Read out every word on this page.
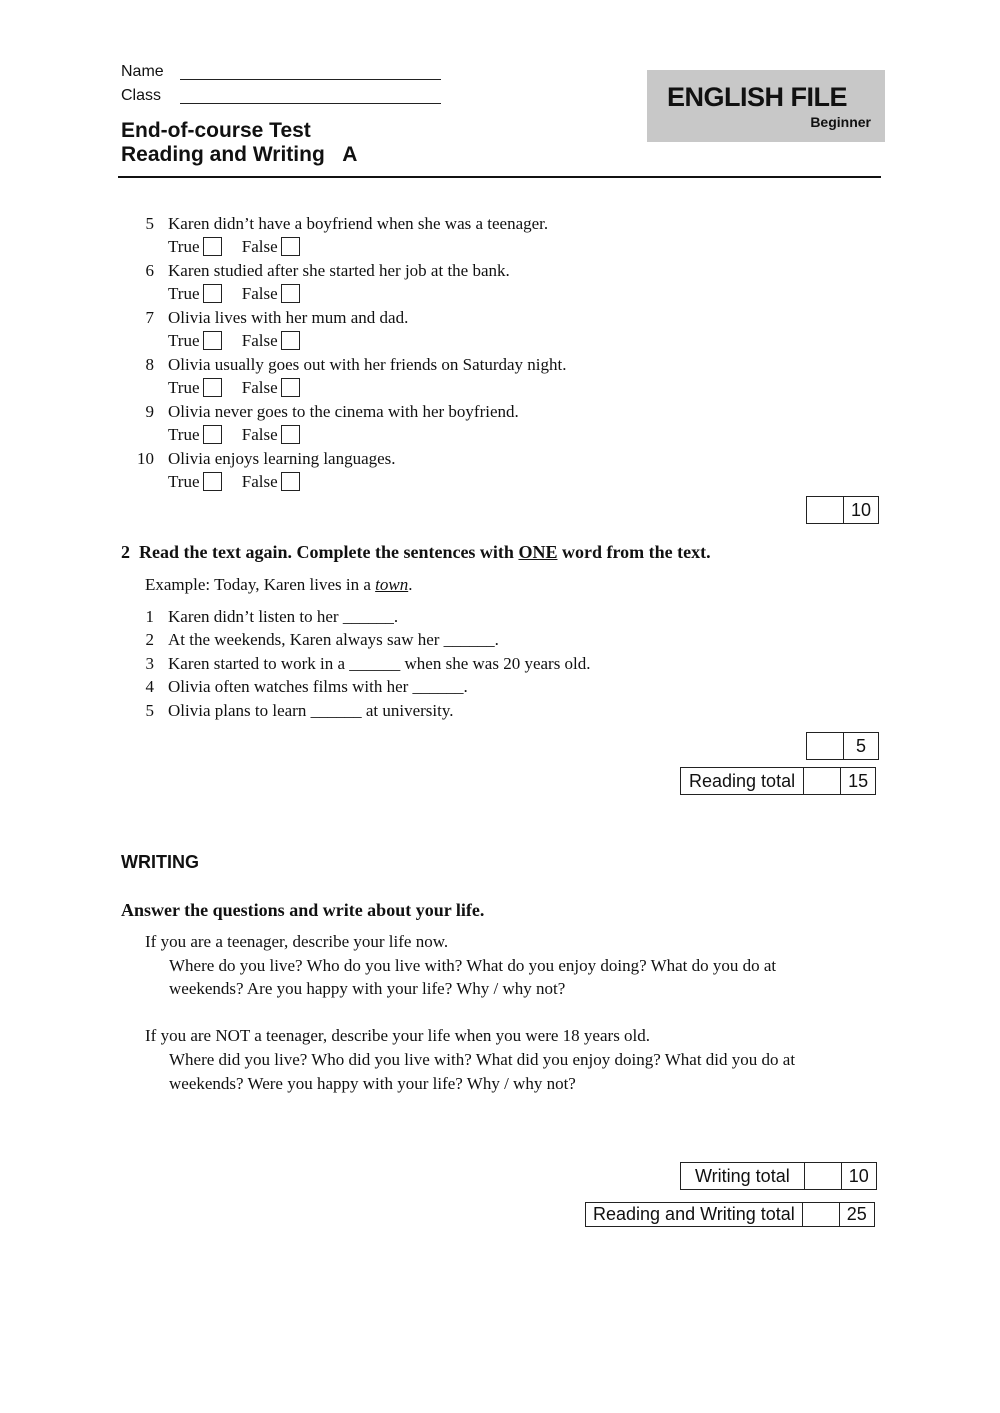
Name
Class
End-of-course Test
Reading and Writing A
ENGLISH FILE
Beginner
5 Karen didn’t have a boyfriend when she was a teenager.
True False
6 Karen studied after she started her job at the bank.
True False
7 Olivia lives with her mum and dad.
True False
8 Olivia usually goes out with her friends on Saturday night.
True False
9 Olivia never goes to the cinema with her boyfriend.
True False
10 Olivia enjoys learning languages.
True False
10
2 Read the text again. Complete the sentences with ONE word from the text.
Example: Today, Karen lives in a town.
1 Karen didn’t listen to her ______.
2 At the weekends, Karen always saw her ______.
3 Karen started to work in a ______ when she was 20 years old.
4 Olivia often watches films with her ______.
5 Olivia plans to learn ______ at university.
5
Reading total	15
WRITING
Answer the questions and write about your life.
If you are a teenager, describe your life now.
Where do you live? Who do you live with? What do you enjoy doing? What do you do at
weekends? Are you happy with your life? Why / why not?
If you are NOT a teenager, describe your life when you were 18 years old.
Where did you live? Who did you live with? What did you enjoy doing? What did you do at
weekends? Were you happy with your life? Why / why not?
Writing total	10
Reading and Writing total	25
